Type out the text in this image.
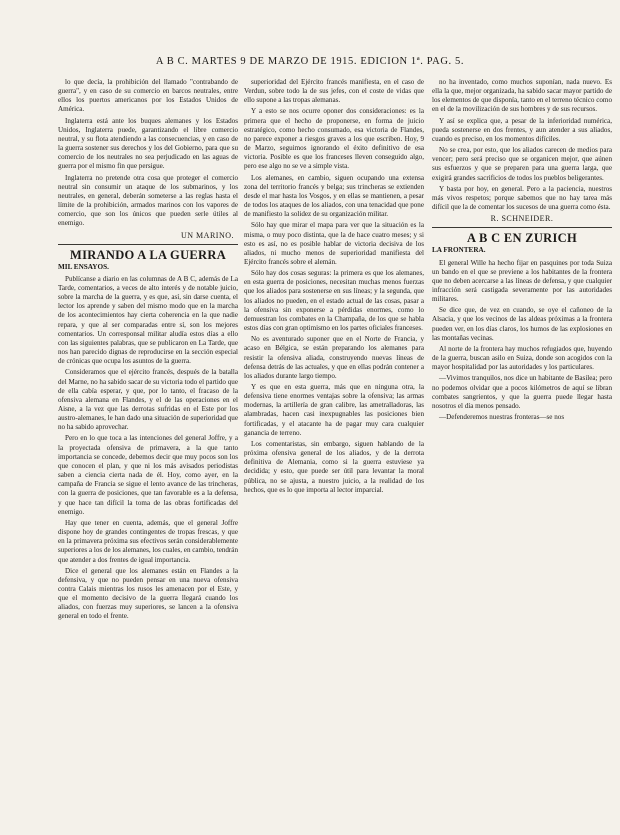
A B C. MARTES 9 DE MARZO DE 1915. EDICION 1ª. PAG. 5.

lo que decía, la prohibición del llamado "contrabando de guerra", y en caso de su comercio en barcos neutrales, entre ellos los puertos americanos por los Estados Unidos de América.

Inglaterra está ante los buques alemanes y los Estados Unidos, Inglaterra puede, garantizando el libre comercio neutral, y su flota atendiendo a las consecuencias, y en caso de la guerra sostener sus derechos y los del Gobierno, para que su comercio de los neutrales no sea perjudicado en las aguas de guerra por el mismo fin que persigue.

Inglaterra no pretende otra cosa que proteger el comercio neutral sin consumir un ataque de los submarinos, y los neutrales, en general, deberán someterse a las reglas hasta el límite de la prohibición, armados marinos con los vapores de comercio, que son los únicos que pueden serle útiles al enemigo.

UN MARINO.
MIRANDO A LA GUERRA
MIL ENSAYOS.

Publícanse a diario en las columnas de A B C, además de La Tarde, comentarios, a veces de alto interés y de notable juicio, sobre la marcha de la guerra, y es que, así, sin darse cuenta, el lector los aprende y saben del mismo modo que en la marcha de los acontecimientos hay cierta coherencia en la que nadie repara, y que al ser comparadas entre sí, son los mejores comentarios. Un corresponsal militar aludía estos días a ello con las siguientes palabras, que se publicaron en La Tarde, que nos han parecido dignas de reproducirse en la sección especial de crónicas que ocupa los asuntos de la guerra.

Consideramos que el ejército francés, después de la batalla del Marne, no ha sabido sacar de su victoria todo el partido que de ella cabía esperar, y que, por lo tanto, el fracaso de la ofensiva alemana en Flandes, y el de las operaciones en el Aisne, a la vez que las derrotas sufridas en el Este por los austro-alemanes, le han dado una situación de superioridad que no ha sabido aprovechar.

Pero en lo que toca a las intenciones del general Joffre, y a la proyectada ofensiva de primavera, a la que tanto importancia se concede, debemos decir que muy pocos son los que conocen el plan, y que ni los más avisados periodistas saben a ciencia cierta nada de él. Hoy, como ayer, en la campaña de Francia se sigue el lento avance de las trincheras, con la guerra de posiciones, que tan favorable es a la defensa, y que hace tan difícil la toma de las obras fortificadas del enemigo.

Hay que tener en cuenta, además, que el general Joffre dispone hoy de grandes contingentes de tropas frescas, y que en la primavera próxima sus efectivos serán considerablemente superiores a los de los alemanes, los cuales, en cambio, tendrán que atender a dos frentes de igual importancia.

Dice el general que los alemanes están en Flandes a la defensiva, y que no pueden pensar en una nueva ofensiva contra Calais mientras los rusos les amenacen por el Este, y que el momento decisivo de la guerra llegará cuando los aliados, con fuerzas muy superiores, se lancen a la ofensiva general en todo el frente.

superioridad del Ejército francés manifiesta, en el caso de Verdun, sobre todo la de sus jefes, con el coste de vidas que ello supone a las tropas alemanas.

Y a esto se nos ocurre oponer dos consideraciones: es la primera que el hecho de proponerse, en forma de juicio estratégico, como hecho consumado, esa victoria de Flandes, no parece exponer a riesgos graves a los que escriben. Hoy, 9 de Marzo, seguimos ignorando el éxito definitivo de esa victoria. Posible es que los franceses lleven conseguido algo, pero ese algo no se ve a simple vista.

Los alemanes, en cambio, siguen ocupando una extensa zona del territorio francés y belga; sus trincheras se extienden desde el mar hasta los Vosgos, y en ellas se mantienen, a pesar de todos los ataques de los aliados, con una tenacidad que pone de manifiesto la solidez de su organización militar.

Sólo hay que mirar el mapa para ver que la situación es la misma, o muy poco distinta, que la de hace cuatro meses; y si esto es así, no es posible hablar de victoria decisiva de los aliados, ni mucho menos de superioridad manifiesta del Ejército francés sobre el alemán.

Sólo hay dos cosas seguras: la primera es que los alemanes, en esta guerra de posiciones, necesitan muchas menos fuerzas que los aliados para sostenerse en sus líneas; y la segunda, que los aliados no pueden, en el estado actual de las cosas, pasar a la ofensiva sin exponerse a pérdidas enormes, como lo demuestran los combates en la Champaña, de los que se habla estos días con gran optimismo en los partes oficiales franceses.

No es aventurado suponer que en el Norte de Francia, y acaso en Bélgica, se están preparando los alemanes para resistir la ofensiva aliada, construyendo nuevas líneas de defensa detrás de las actuales, y que en ellas podrán contener a los aliados durante largo tiempo.

Y es que en esta guerra, más que en ninguna otra, la defensiva tiene enormes ventajas sobre la ofensiva; las armas modernas, la artillería de gran calibre, las ametralladoras, las alambradas, hacen casi inexpugnables las posiciones bien fortificadas, y el atacante ha de pagar muy cara cualquier ganancia de terreno.

Los comentaristas, sin embargo, siguen hablando de la próxima ofensiva general de los aliados, y de la derrota definitiva de Alemania, como si la guerra estuviese ya decidida; y esto, que puede ser útil para levantar la moral pública, no se ajusta, a nuestro juicio, a la realidad de los hechos, que es lo que importa al lector imparcial.

no ha inventado, como muchos suponían, nada nuevo. Es ella la que, mejor organizada, ha sabido sacar mayor partido de los elementos de que disponía, tanto en el terreno técnico como en el de la movilización de sus hombres y de sus recursos.

Y así se explica que, a pesar de la inferioridad numérica, pueda sostenerse en dos frentes, y aun atender a sus aliados, cuando es preciso, en los momentos difíciles.

No se crea, por esto, que los aliados carecen de medios para vencer; pero será preciso que se organicen mejor, que aúnen sus esfuerzos y que se preparen para una guerra larga, que exigirá grandes sacrificios de todos los pueblos beligerantes.

Y basta por hoy, en general. Pero a la paciencia, nuestros más vivos respetos; porque sabemos que no hay tarea más difícil que la de comentar los sucesos de una guerra como ésta.

R. SCHNEIDER.
A B C EN ZURICH
LA FRONTERA.

El general Wille ha hecho fijar en pasquines por toda Suiza un bando en el que se previene a los habitantes de la frontera que no deben acercarse a las líneas de defensa, y que cualquier infracción será castigada severamente por las autoridades militares.

Se dice que, de vez en cuando, se oye el cañoneo de la Alsacia, y que los vecinos de las aldeas próximas a la frontera pueden ver, en los días claros, los humos de las explosiones en las montañas vecinas.

Al norte de la frontera hay muchos refugiados que, huyendo de la guerra, buscan asilo en Suiza, donde son acogidos con la mayor hospitalidad por las autoridades y los particulares.

—Vivimos tranquilos, nos dice un habitante de Basilea; pero no podemos olvidar que a pocos kilómetros de aquí se libran combates sangrientos, y que la guerra puede llegar hasta nosotros el día menos pensado.

—Defenderemos nuestras fronteras—se nos
